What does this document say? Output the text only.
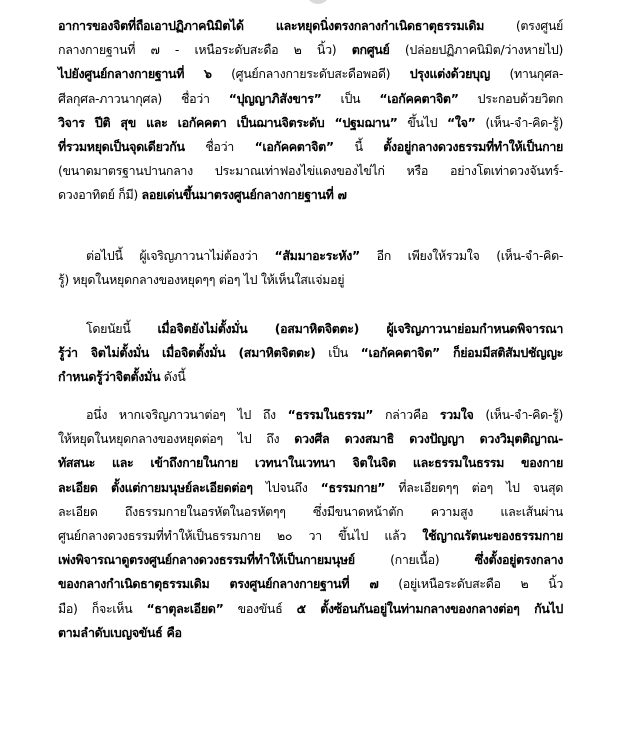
อาการของจิตที่ถือเอาปฏิภาคนิมิตได้ และหยุดนิ่งตรงกลางกำเนิดธาตุธรรมเดิม (ตรงศูนย์
กลางกายฐานที่ ๗ - เหนือระดับสะดือ ๒ นิ้ว) ตกศูนย์ (ปล่อยปฏิภาคนิมิต/ว่างหายไป)
ไปยังศูนย์กลางกายฐานที่ ๖ (ศูนย์กลางกายระดับสะดือพอดี) ปรุงแต่งด้วยบุญ (ทานกุศล-
ศีลกุศล-ภาวนากุศล) ชื่อว่า “ปุญญาภิสังขาร” เป็น “เอกัคคตาจิต” ประกอบด้วยวิตก
วิจาร ปีติ สุข และ เอกัคคตา เป็นฌานจิตระดับ “ปฐมฌาน” ขึ้นไป “ใจ” (เห็น-จำ-คิด-รู้)
ที่รวมหยุดเป็นจุดเดียวกัน ชื่อว่า “เอกัคคตาจิต” นี้ ตั้งอยู่กลางดวงธรรมที่ทำให้เป็นกาย
(ขนาดมาตรฐานปานกลาง ประมาณเท่าฟองไข่แดงของไข่ไก่ หรือ อย่างโตเท่าดวงจันทร์-
ดวงอาทิตย์ ก็มี) ลอยเด่นขึ้นมาตรงศูนย์กลางกายฐานที่ ๗
ต่อไปนี้ ผู้เจริญภาวนาไม่ต้องว่า “สัมมาอะระหัง” อีก เพียงให้รวมใจ (เห็น-จำ-คิด-
รู้) หยุดในหยุดกลางของหยุดๆๆ ต่อๆ ไป ให้เห็นใสแจ่มอยู่
โดยนัยนี้ เมื่อจิตยังไม่ตั้งมั่น (อสมาหิตจิตตะ) ผู้เจริญภาวนาย่อมกำหนดพิจารณา
รู้ว่า จิตไม่ตั้งมั่น เมื่อจิตตั้งมั่น (สมาหิตจิตตะ) เป็น “เอกัคคตาจิต” ก็ย่อมมีสติสัมปชัญญะ
กำหนดรู้ว่าจิตตั้งมั่น ดังนี้
อนึ่ง หากเจริญภาวนาต่อๆ ไป ถึง “ธรรมในธรรม” กล่าวคือ รวมใจ (เห็น-จำ-คิด-รู้)
ให้หยุดในหยุดกลางของหยุดต่อๆ ไป ถึง ดวงศีล ดวงสมาธิ ดวงปัญญา ดวงวิมุตติญาณ-
ทัสสนะ และ เข้าถึงกายในกาย เวทนาในเวทนา จิตในจิต และธรรมในธรรม ของกาย
ละเอียด ตั้งแต่กายมนุษย์ละเอียดต่อๆ ไปจนถึง “ธรรมกาย” ที่ละเอียดๆๆ ต่อๆ ไป จนสุด
ละเอียด ถึงธรรมกายในอรหัตในอรหัตๆๆ ซึ่งมีขนาดหน้าตัก ความสูง และเส้นผ่าน
ศูนย์กลางดวงธรรมที่ทำให้เป็นธรรมกาย ๒๐ วา ขึ้นไป แล้ว ใช้ญาณรัตนะของธรรมกาย
เพ่งพิจารณาดูตรงศูนย์กลางดวงธรรมที่ทำให้เป็นกายมนุษย์ (กายเนื้อ) ซึ่งตั้งอยู่ตรงกลาง
ของกลางกำเนิดธาตุธรรมเดิม ตรงศูนย์กลางกายฐานที่ ๗ (อยู่เหนือระดับสะดือ ๒ นิ้ว
มือ) ก็จะเห็น “ธาตุละเอียด” ของขันธ์ ๕ ตั้งซ้อนกันอยู่ในท่ามกลางของกลางต่อๆ กันไป
ตามลำดับเบญจขันธ์ คือ
